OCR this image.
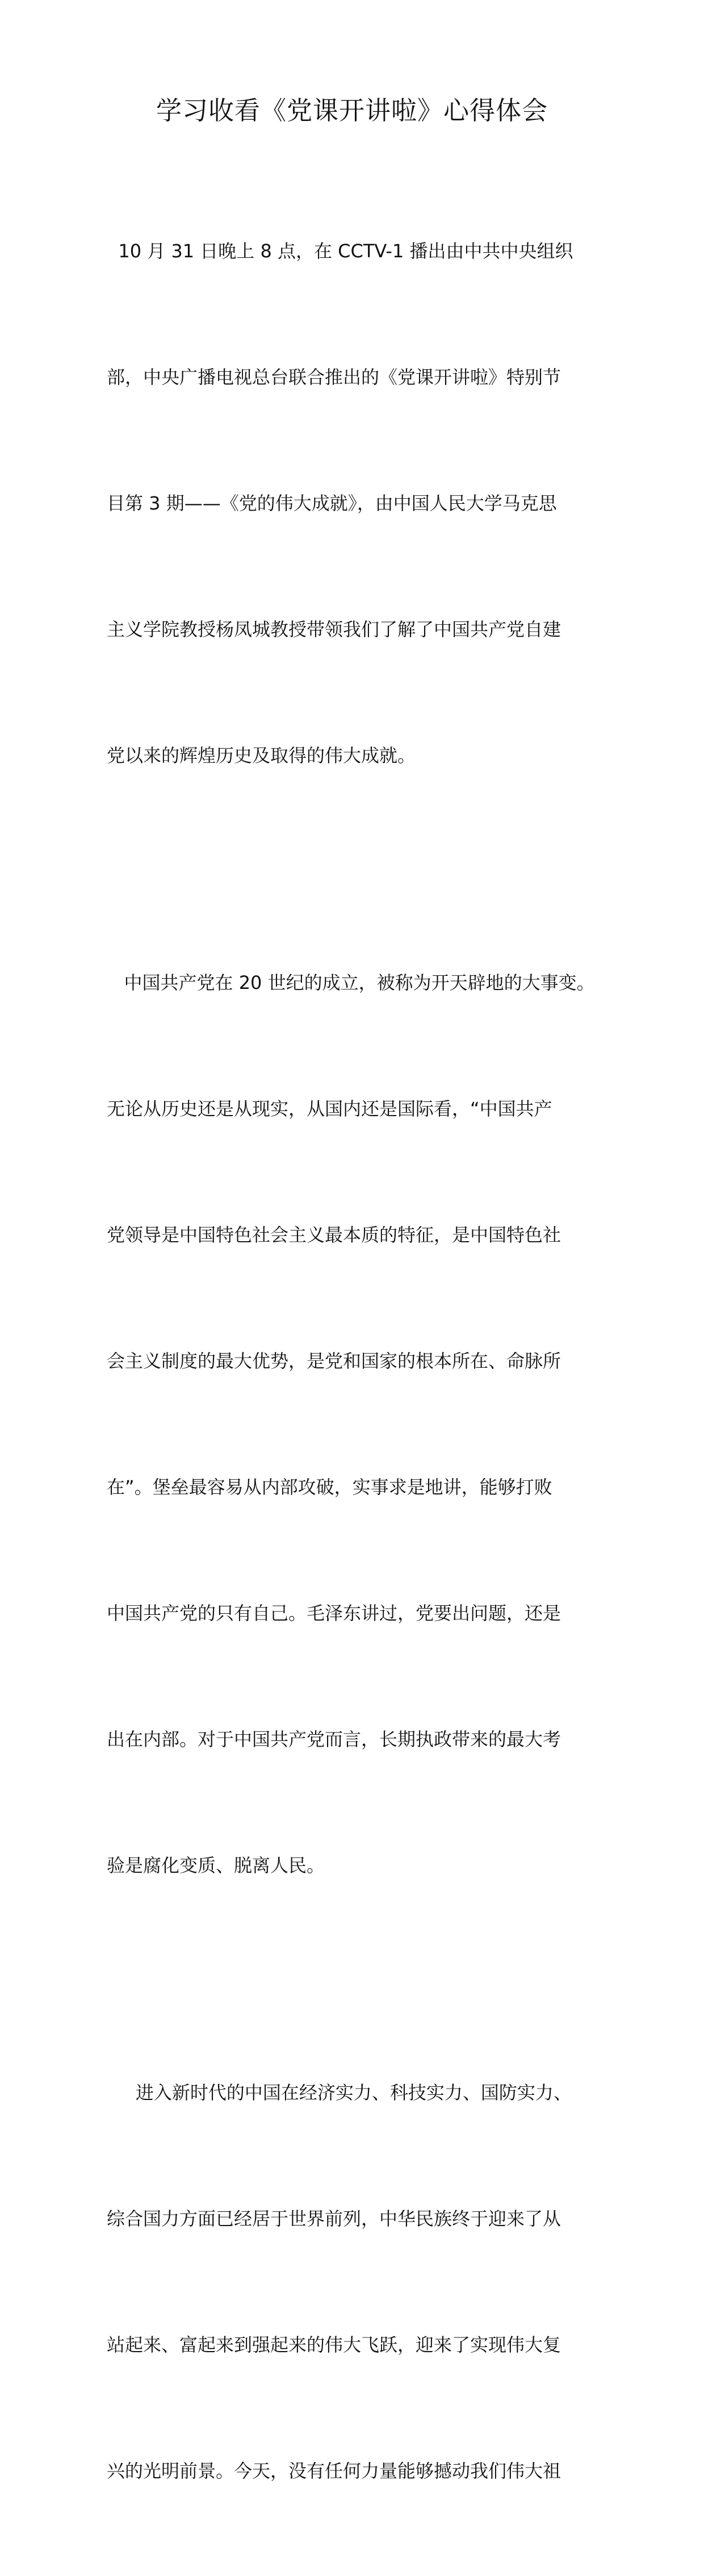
学习收看《党课开讲啦》心得体会

10 月 31 日晚上 8 点，在 CCTV-1 播出由中共中央组织

部，中央广播电视总台联合推出的《党课开讲啦》特别节

目第 3 期——《党的伟大成就》，由中国人民大学马克思

主义学院教授杨凤城教授带领我们了解了中国共产党自建

党以来的辉煌历史及取得的伟大成就。

中国共产党在 20 世纪的成立，被称为开天辟地的大事变。

无论从历史还是从现实，从国内还是国际看，“中国共产

党领导是中国特色社会主义最本质的特征，是中国特色社

会主义制度的最大优势，是党和国家的根本所在、命脉所

在”。堡垒最容易从内部攻破，实事求是地讲，能够打败

中国共产党的只有自己。毛泽东讲过，党要出问题，还是

出在内部。对于中国共产党而言，长期执政带来的最大考

验是腐化变质、脱离人民。

进入新时代的中国在经济实力、科技实力、国防实力、

综合国力方面已经居于世界前列，中华民族终于迎来了从

站起来、富起来到强起来的伟大飞跃，迎来了实现伟大复

兴的光明前景。今天，没有任何力量能够撼动我们伟大祖
